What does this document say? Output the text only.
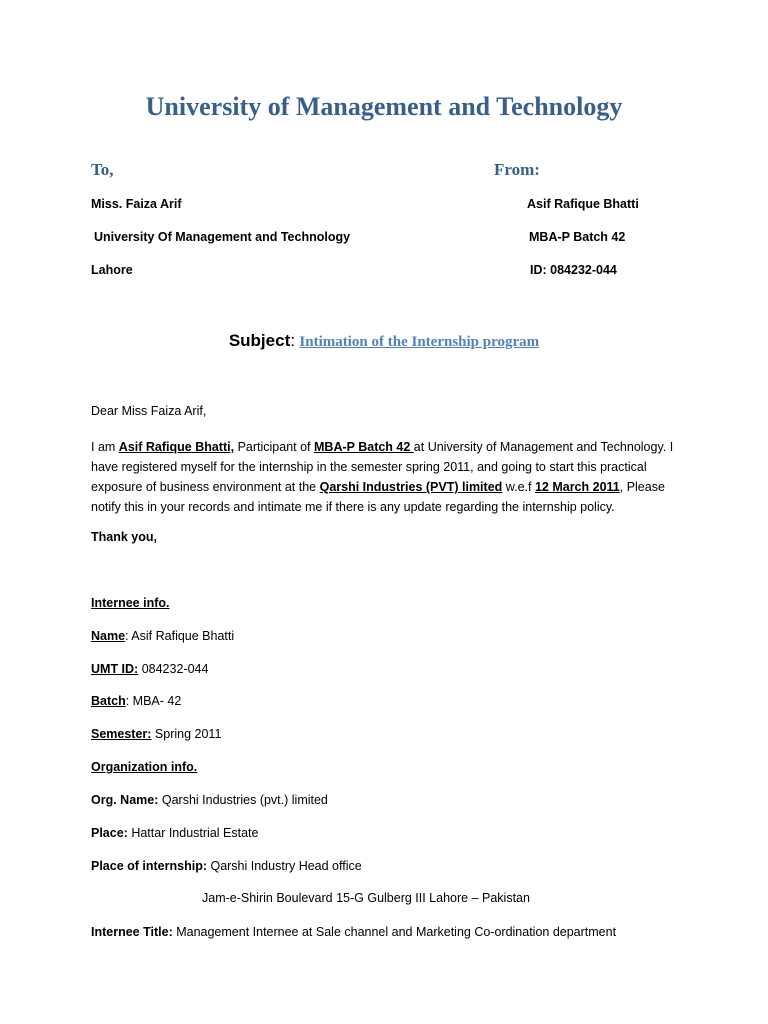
University of Management and Technology
To,	From:
Miss. Faiza Arif
University Of Management and Technology
Lahore
Asif Rafique Bhatti
MBA-P Batch 42
ID: 084232-044
Subject: Intimation of the Internship program
Dear Miss Faiza Arif,
I am Asif Rafique Bhatti, Participant of MBA-P Batch 42 at University of Management and Technology. I have registered myself for the internship in the semester spring 2011, and going to start this practical exposure of business environment at the Qarshi Industries (PVT) limited w.e.f 12 March 2011, Please notify this in your records and intimate me if there is any update regarding the internship policy.
Thank you,
Internee info.
Name: Asif Rafique Bhatti
UMT ID: 084232-044
Batch: MBA- 42
Semester: Spring 2011
Organization info.
Org. Name: Qarshi Industries (pvt.) limited
Place: Hattar Industrial Estate
Place of internship: Qarshi Industry Head office
Jam-e-Shirin Boulevard 15-G Gulberg III Lahore – Pakistan
Internee Title: Management Internee at Sale channel and Marketing Co-ordination department
